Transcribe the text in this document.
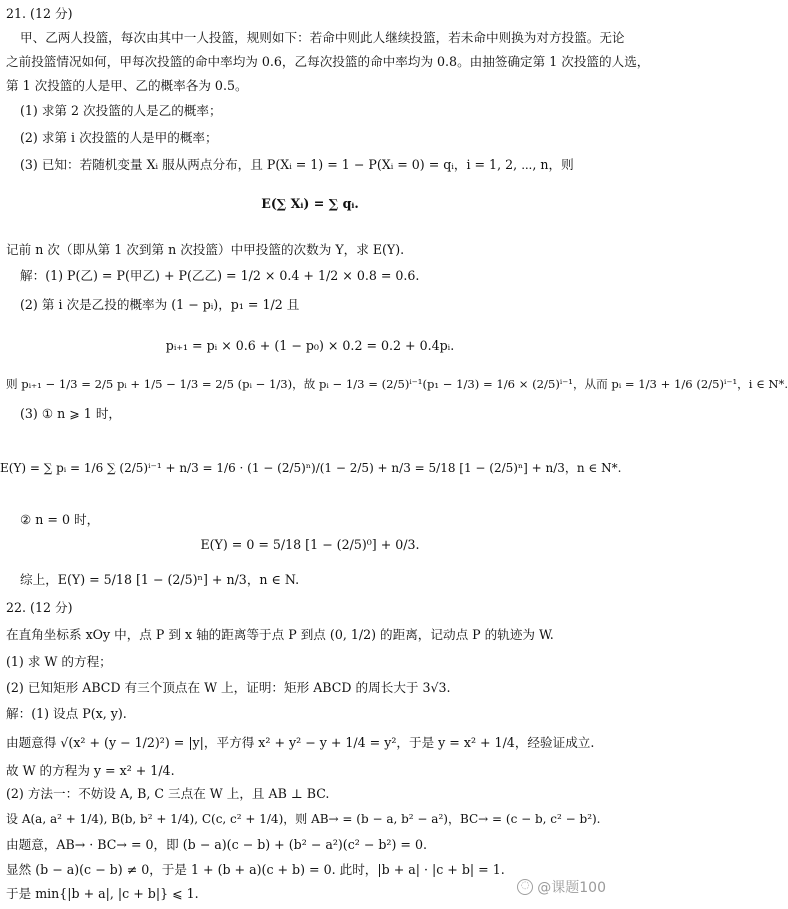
21. (12 分)
甲、乙两人投篮，每次由其中一人投篮，规则如下：若命中则此人继续投篮，若未命中则换为对方投篮。无论
之前投篮情况如何，甲每次投篮的命中率均为 0.6，乙每次投篮的命中率均为 0.8。由抽签确定第 1 次投篮的人选，
第 1 次投篮的人是甲、乙的概率各为 0.5。
(1) 求第 2 次投篮的人是乙的概率；
(2) 求第 i 次投篮的人是甲的概率；
(3) 已知：若随机变量 Xᵢ 服从两点分布，且 P(Xᵢ = 1) = 1 − P(Xᵢ = 0) = qᵢ，i = 1, 2, ⋯, n，则
E(∑ Xᵢ) = ∑ qᵢ.
记前 n 次（即从第 1 次到第 n 次投篮）中甲投篮的次数为 Y，求 E(Y).
解：(1) P(乙) = P(甲乙) + P(乙乙) = 1/2 × 0.4 + 1/2 × 0.8 = 0.6.
(2) 第 i 次是乙投的概率为 (1 − pᵢ)，p₁ = 1/2 且
pᵢ₊₁ = pᵢ × 0.6 + (1 − p₀) × 0.2 = 0.2 + 0.4pᵢ.
则 pᵢ₊₁ − 1/3 = 2/5 pᵢ + 1/5 − 1/3 = 2/5 (pᵢ − 1/3)，故 pᵢ − 1/3 = (2/5)ⁱ⁻¹(p₁ − 1/3) = 1/6 × (2/5)ⁱ⁻¹，从而 pᵢ = 1/3 + 1/6 (2/5)ⁱ⁻¹，i ∈ N*.
(3) ① n ⩾ 1 时，
E(Y) = ∑ pᵢ = 1/6 ∑ (2/5)ⁱ⁻¹ + n/3 = 1/6 · (1 − (2/5)ⁿ)/(1 − 2/5) + n/3 = 5/18 [1 − (2/5)ⁿ] + n/3，n ∈ N*.
② n = 0 时，
E(Y) = 0 = 5/18 [1 − (2/5)⁰] + 0/3.
综上，E(Y) = 5/18 [1 − (2/5)ⁿ] + n/3，n ∈ N.
22. (12 分)
在直角坐标系 xOy 中，点 P 到 x 轴的距离等于点 P 到点 (0, 1/2) 的距离，记动点 P 的轨迹为 W.
(1) 求 W 的方程；
(2) 已知矩形 ABCD 有三个顶点在 W 上，证明：矩形 ABCD 的周长大于 3√3.
解：(1) 设点 P(x, y).
由题意得 √(x² + (y − 1/2)²) = |y|，平方得 x² + y² − y + 1/4 = y²，于是 y = x² + 1/4，经验证成立.
故 W 的方程为 y = x² + 1/4.
(2) 方法一：不妨设 A, B, C 三点在 W 上，且 AB ⊥ BC.
设 A(a, a² + 1/4), B(b, b² + 1/4), C(c, c² + 1/4)，则 AB→ = (b − a, b² − a²)，BC→ = (c − b, c² − b²).
由题意，AB→ · BC→ = 0，即 (b − a)(c − b) + (b² − a²)(c² − b²) = 0.
显然 (b − a)(c − b) ≠ 0，于是 1 + (b + a)(c + b) = 0. 此时，|b + a| · |c + b| = 1.
于是 min{|b + a|, |c + b|} ⩽ 1.
◌ @课题100
